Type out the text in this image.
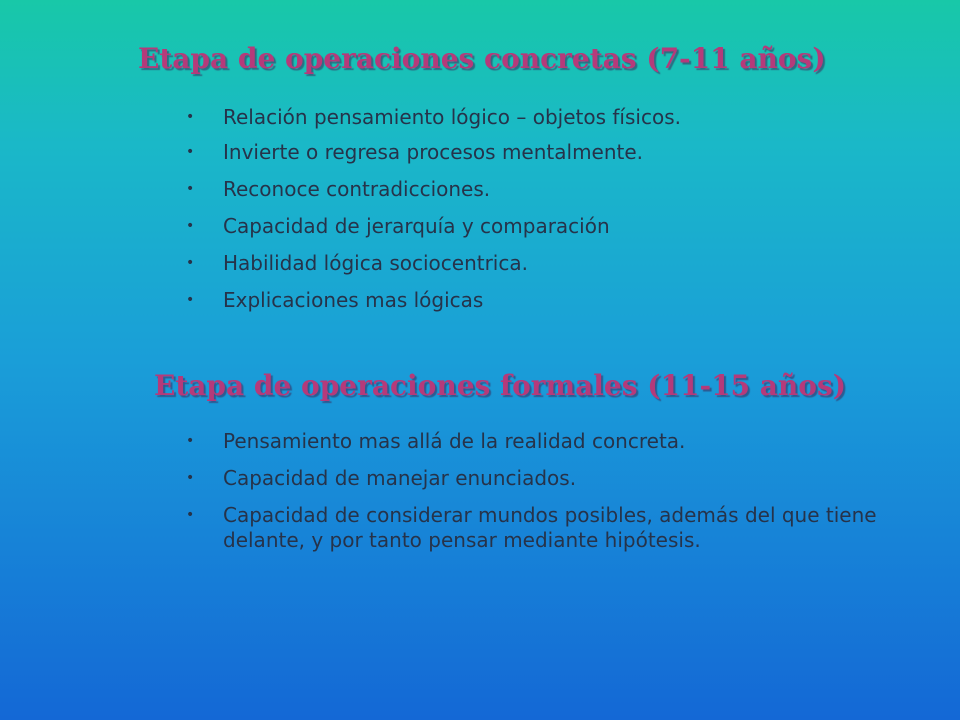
Etapa de operaciones concretas (7-11 años)
• Relación pensamiento lógico – objetos físicos.
• Invierte o regresa procesos mentalmente.
• Reconoce contradicciones.
• Capacidad de jerarquía y comparación
• Habilidad lógica sociocentrica.
• Explicaciones mas lógicas
Etapa de operaciones formales (11-15 años)
• Pensamiento mas allá de la realidad concreta.
• Capacidad de manejar enunciados.
• Capacidad de considerar mundos posibles, además del que tiene delante, y por tanto pensar mediante hipótesis.
